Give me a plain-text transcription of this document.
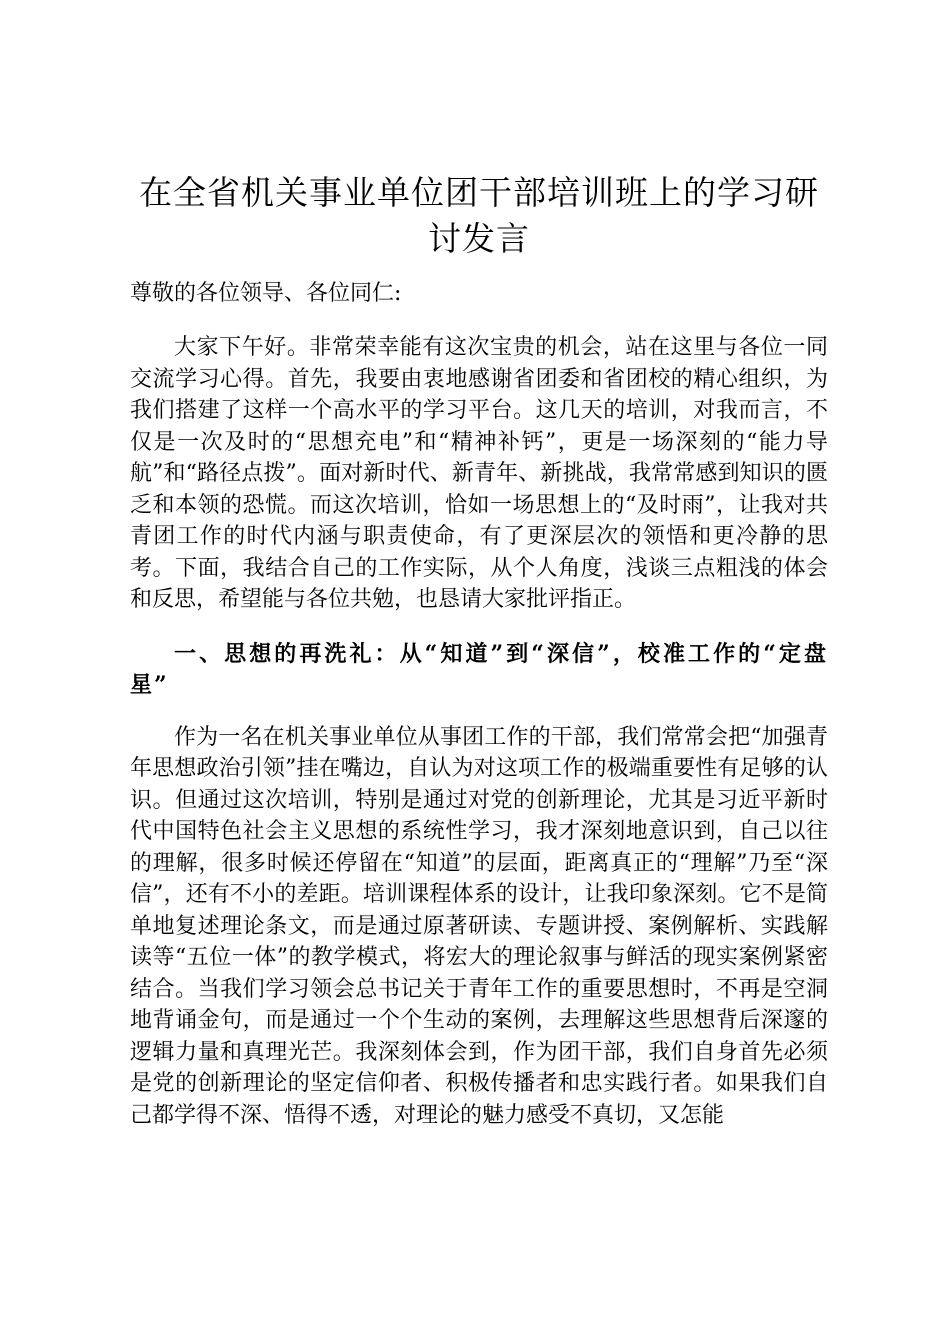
在全省机关事业单位团干部培训班上的学习研讨发言

尊敬的各位领导、各位同仁:

大家下午好。非常荣幸能有这次宝贵的机会，站在这里与各位一同交流学习心得。首先，我要由衷地感谢省团委和省团校的精心组织，为我们搭建了这样一个高水平的学习平台。这几天的培训，对我而言，不仅是一次及时的“思想充电”和“精神补钙”，更是一场深刻的“能力导航”和“路径点拨”。面对新时代、新青年、新挑战，我常常感到知识的匮乏和本领的恐慌。而这次培训，恰如一场思想上的“及时雨”，让我对共青团工作的时代内涵与职责使命，有了更深层次的领悟和更冷静的思考。下面，我结合自己的工作实际，从个人角度，浅谈三点粗浅的体会和反思，希望能与各位共勉，也恳请大家批评指正。

一、思想的再洗礼：从“知道”到“深信”，校准工作的“定盘星”

作为一名在机关事业单位从事团工作的干部，我们常常会把“加强青年思想政治引领”挂在嘴边，自认为对这项工作的极端重要性有足够的认识。但通过这次培训，特别是通过对党的创新理论，尤其是习近平新时代中国特色社会主义思想的系统性学习，我才深刻地意识到，自己以往的理解，很多时候还停留在“知道”的层面，距离真正的“理解”乃至“深信”，还有不小的差距。培训课程体系的设计，让我印象深刻。它不是简单地复述理论条文，而是通过原著研读、专题讲授、案例解析、实践解读等“五位一体”的教学模式，将宏大的理论叙事与鲜活的现实案例紧密结合。当我们学习领会总书记关于青年工作的重要思想时，不再是空洞地背诵金句，而是通过一个个生动的案例，去理解这些思想背后深邃的逻辑力量和真理光芒。我深刻体会到，作为团干部，我们自身首先必须是党的创新理论的坚定信仰者、积极传播者和忠实践行者。如果我们自己都学得不深、悟得不透，对理论的魅力感受不真切，又怎能
